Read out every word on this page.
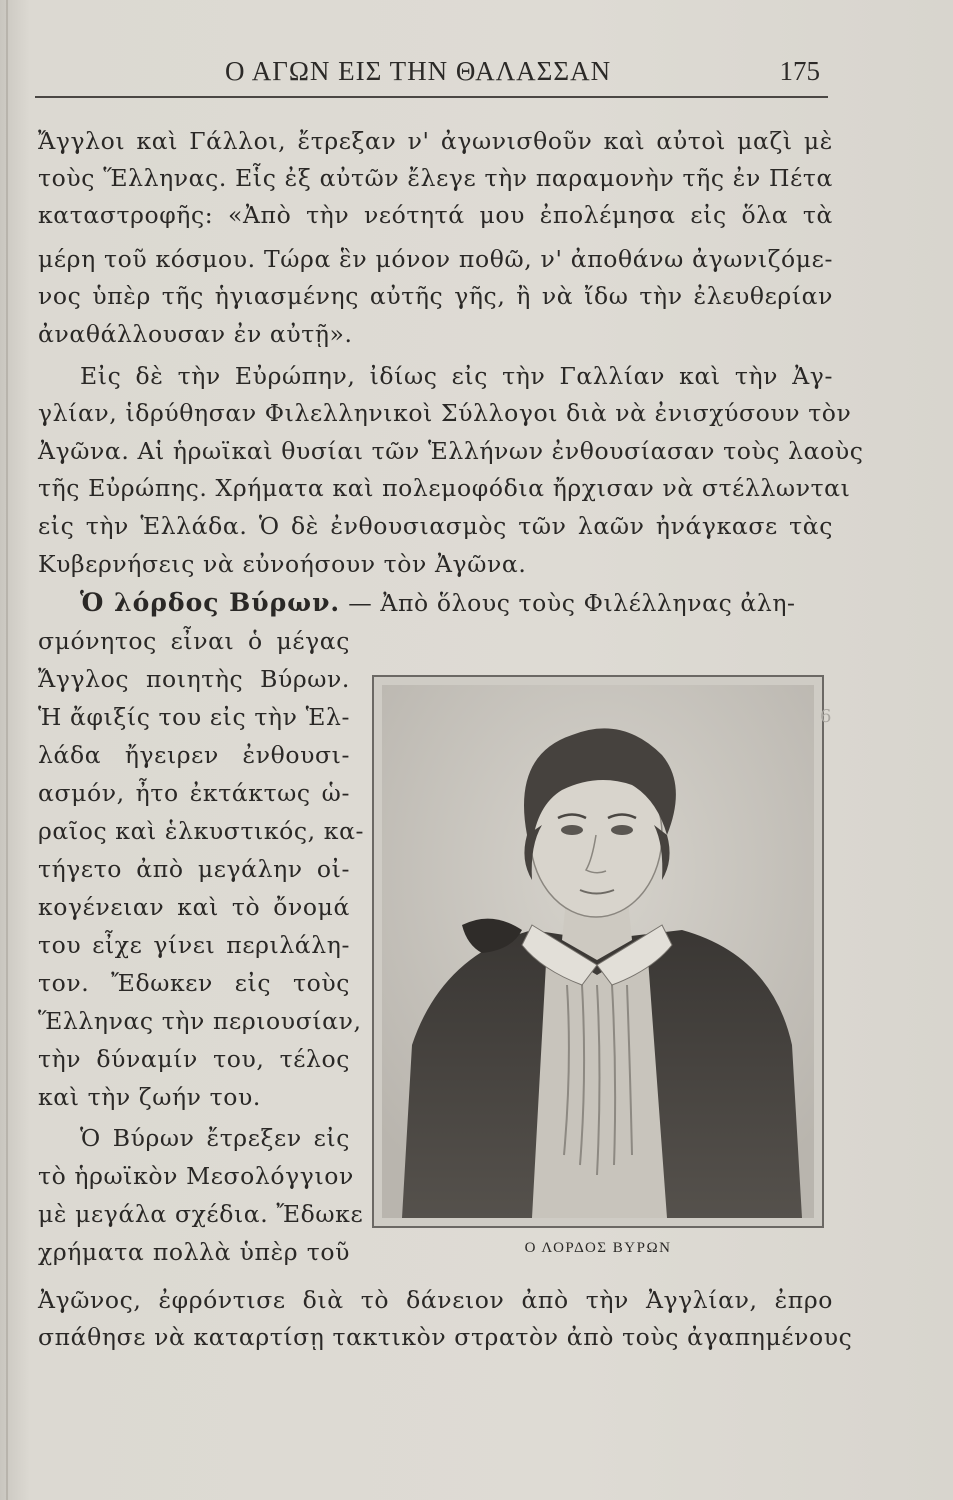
Ο ΑΓΩΝ ΕΙΣ ΤΗΝ ΘΑΛΑΣΣΑΝ	175
Ἄγγλοι καὶ Γάλλοι, ἔτρεξαν ν' ἀγωνισθοῦν καὶ αὐτοὶ μαζὶ μὲ
τοὺς Ἕλληνας. Εἷς ἐξ αὐτῶν ἔλεγε τὴν παραμονὴν τῆς ἐν Πέτα
καταστροφῆς: «Ἀπὸ τὴν νεότητά μου ἐπολέμησα εἰς ὅλα τὰ
μέρη τοῦ κόσμου. Τώρα ἓν μόνον ποθῶ, ν' ἀποθάνω ἀγωνιζόμε-
νος ὑπὲρ τῆς ἡγιασμένης αὐτῆς γῆς, ἢ νὰ ἴδω τὴν ἐλευθερίαν
ἀναθάλλουσαν ἐν αὐτῇ».
Εἰς δὲ τὴν Εὐρώπην, ἰδίως εἰς τὴν Γαλλίαν καὶ τὴν Ἀγ-
γλίαν, ἱδρύθησαν Φιλελληνικοὶ Σύλλογοι διὰ νὰ ἐνισχύσουν τὸν
Ἀγῶνα. Αἱ ἡρωϊκαὶ θυσίαι τῶν Ἑλλήνων ἐνθουσίασαν τοὺς λαοὺς
τῆς Εὐρώπης. Χρήματα καὶ πολεμοφόδια ἤρχισαν νὰ στέλλωνται
εἰς τὴν Ἑλλάδα. Ὁ δὲ ἐνθουσιασμὸς τῶν λαῶν ἠνάγκασε τὰς
Κυβερνήσεις νὰ εὐνοήσουν τὸν Ἀγῶνα.
Ὁ λόρδος Βύρων. — Ἀπὸ ὅλους τοὺς Φιλέλληνας ἀλη-
σμόνητος εἶναι ὁ μέγας
Ἄγγλος ποιητὴς Βύρων.
Ἡ ἄφιξίς του εἰς τὴν Ἑλ-
λάδα ἤγειρεν ἐνθουσι-
ασμόν, ἦτο ἐκτάκτως ὡ-
ραῖος καὶ ἑλκυστικός, κα-
τήγετο ἀπὸ μεγάλην οἰ-
κογένειαν καὶ τὸ ὄνομά
του εἶχε γίνει περιλάλη-
τον. Ἔδωκεν εἰς τοὺς
Ἕλληνας τὴν περιουσίαν,
τὴν δύναμίν του, τέλος
καὶ τὴν ζωήν του.
Ὁ Βύρων ἔτρεξεν εἰς
τὸ ἡρωϊκὸν Μεσολόγγιον
μὲ μεγάλα σχέδια. Ἔδωκε
χρήματα πολλὰ ὑπὲρ τοῦ
Ἀγῶνος, ἐφρόντισε διὰ τὸ δάνειον ἀπὸ τὴν Ἀγγλίαν, ἐπρο
σπάθησε νὰ καταρτίσῃ τακτικὸν στρατὸν ἀπὸ τοὺς ἀγαπημένους
Ο ΛΟΡΔΟΣ ΒΥΡΩΝ
6
